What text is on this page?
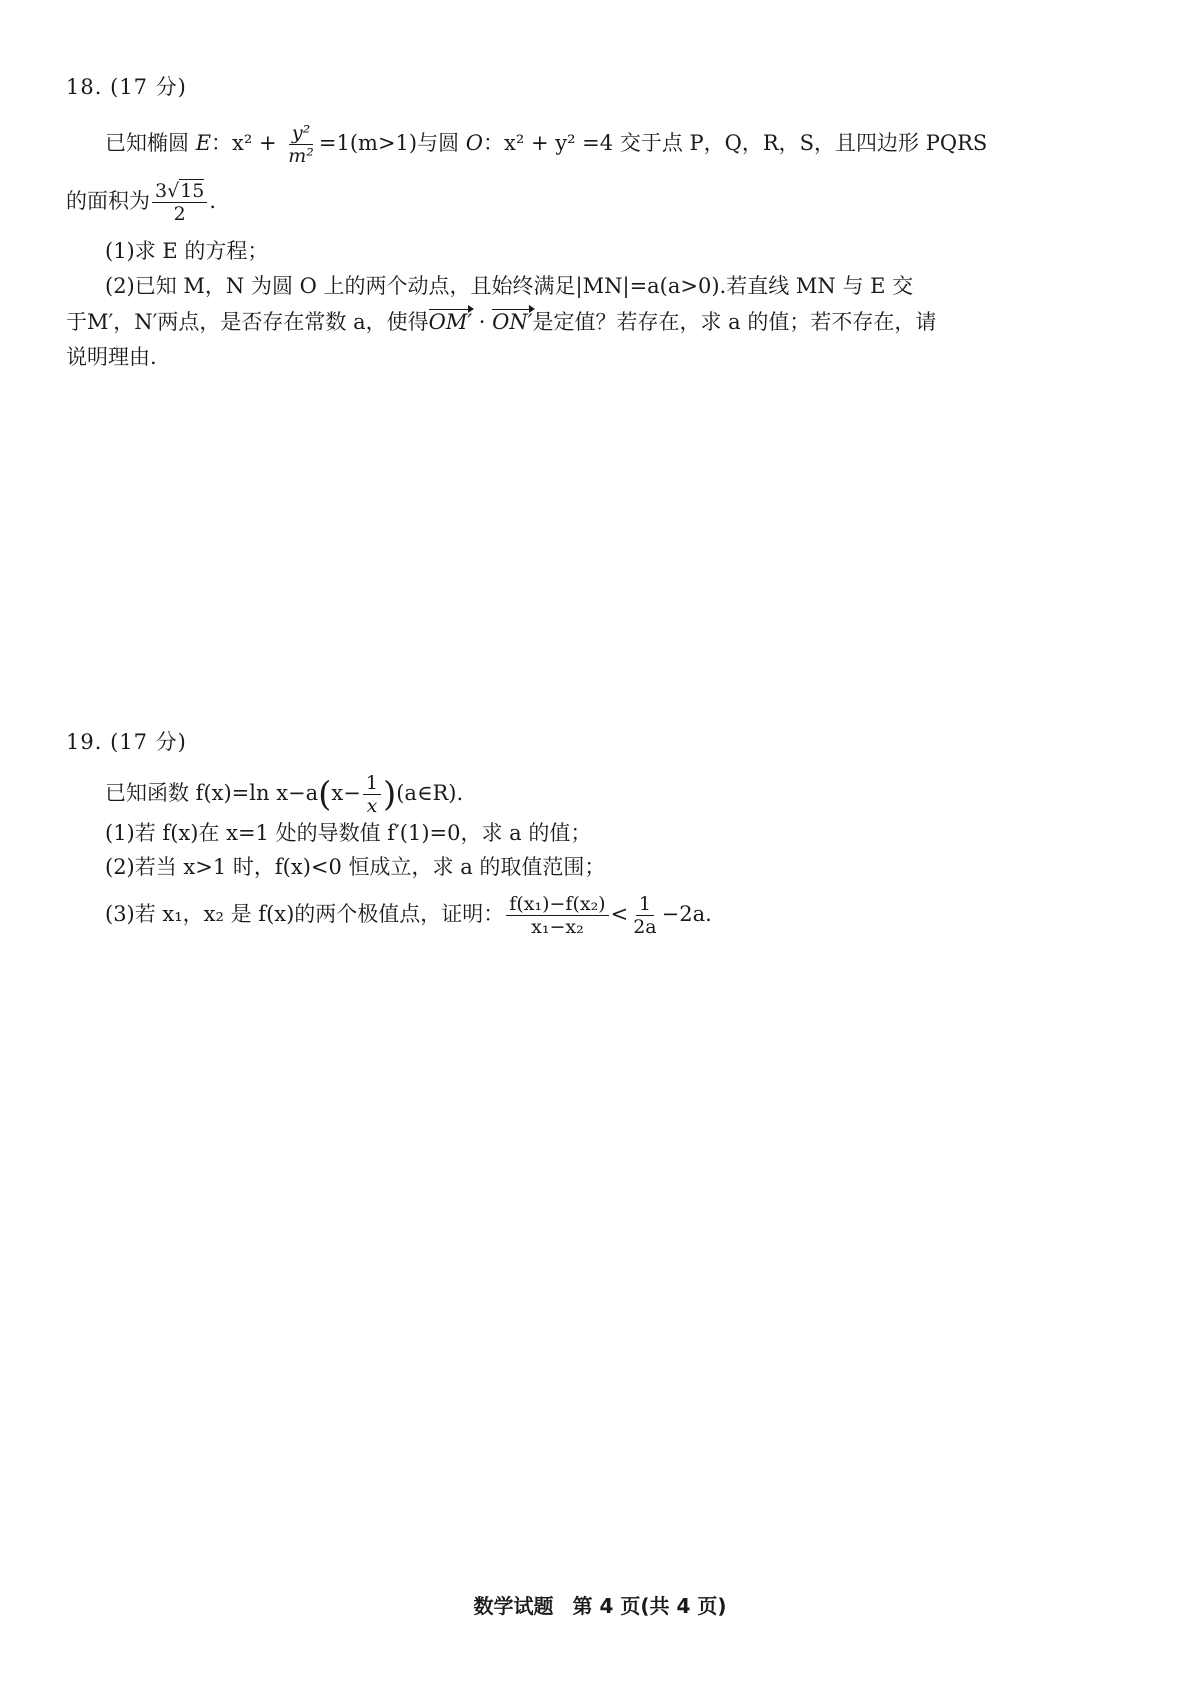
18. (17 分)
已知椭圆 E：$x^2 + \frac{\text{y²}}{\text{m²}} =1(m>1)$与圆 O：x² + y² =4 交于点 P，Q，R，S，且四边形 PQRS
的面积为 $\frac{3√15}{2}$ .
(1)求 E 的方程；
(2)已知 M，N 为圆 O 上的两个动点，且始终满足|MN|=a(a>0).若直线 MN 与 E 交
于M′，N′两点，是否存在常数 a，使得OM′ · ON′是定值？若存在，求 a 的值；若不存在，请
说明理由.
19. (17 分)
已知函数 f(x)=ln $x-a(x- \frac{1}{x}$ )(a∈R).
(1)若 f(x)在 x=1 处的导数值 f′(1)=0，求 a 的值；
(2)若当 x>1 时，f(x)<0 恒成立，求 a 的取值范围；
(3)若 x₁，x₂ 是 f(x)的两个极值点，证明： $\frac{\text{f(x₁)−f(x₂)}}{\text{x₁−x₂}} < \frac{1}{2a} -2a$.
数学试题 第 4 页(共 4 页)
